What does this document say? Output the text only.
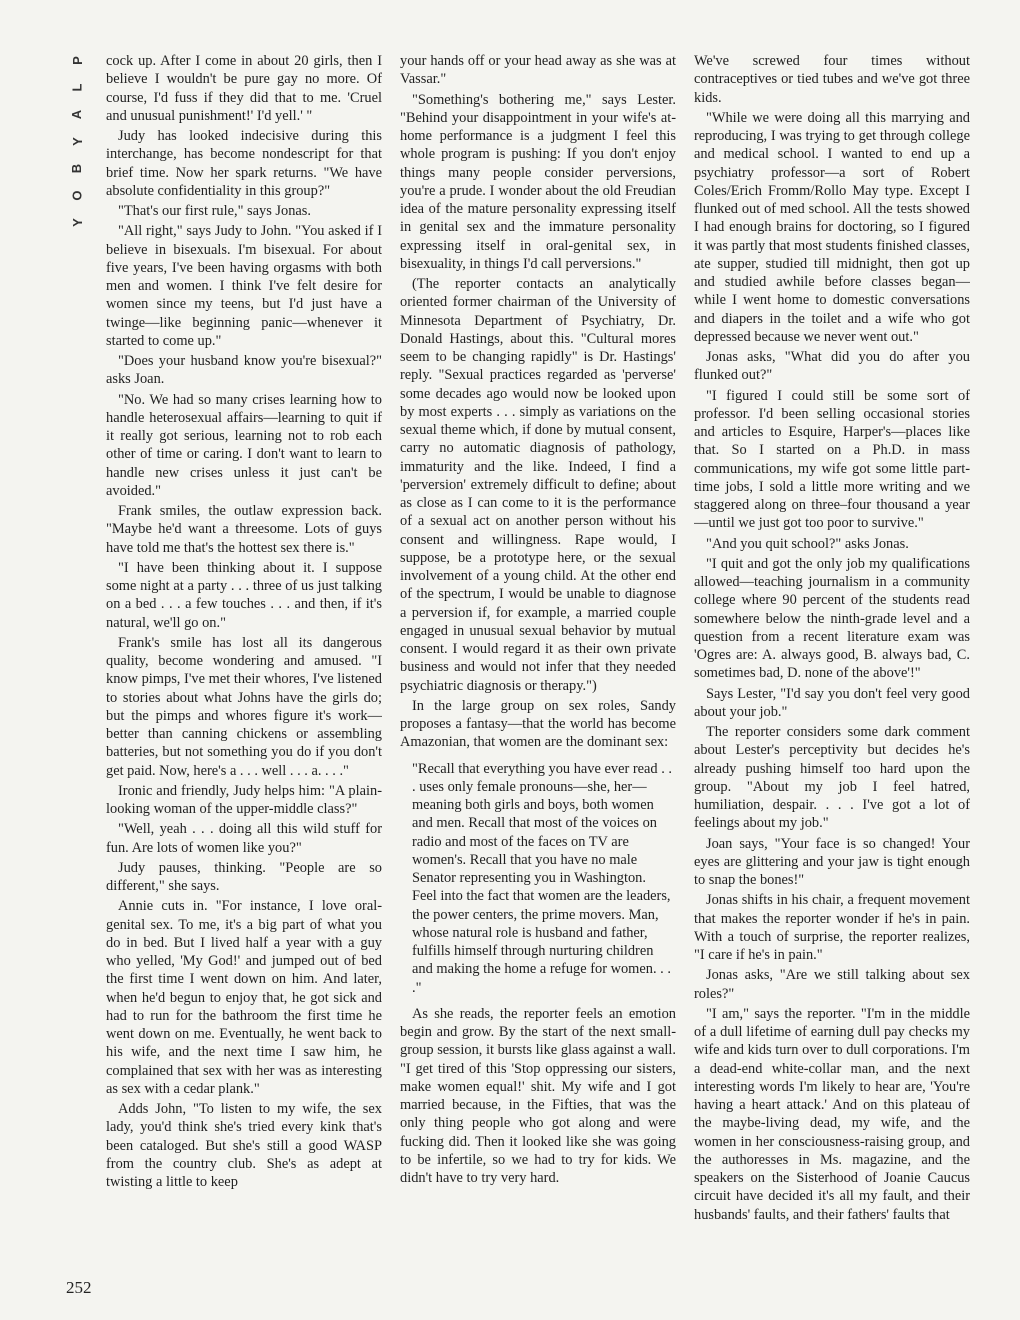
P
L
A
Y
B
O
Y
252

cock up. After I come in about 20 girls, then I believe I wouldn't be pure gay no more. Of course, I'd fuss if they did that to me. 'Cruel and unusual punishment!' I'd yell.' "

Judy has looked indecisive during this interchange, has become nondescript for that brief time. Now her spark returns. "We have absolute confidentiality in this group?"

"That's our first rule," says Jonas.

"All right," says Judy to John. "You asked if I believe in bisexuals. I'm bisexual. For about five years, I've been having orgasms with both men and women. I think I've felt desire for women since my teens, but I'd just have a twinge—like beginning panic—whenever it started to come up."

"Does your husband know you're bisexual?" asks Joan.

"No. We had so many crises learning how to handle heterosexual affairs—learning to quit if it really got serious, learning not to rob each other of time or caring. I don't want to learn to handle new crises unless it just can't be avoided."

Frank smiles, the outlaw expression back. "Maybe he'd want a threesome. Lots of guys have told me that's the hottest sex there is."

"I have been thinking about it. I suppose some night at a party . . . three of us just talking on a bed . . . a few touches . . . and then, if it's natural, we'll go on."

Frank's smile has lost all its dangerous quality, become wondering and amused. "I know pimps, I've met their whores, I've listened to stories about what Johns have the girls do; but the pimps and whores figure it's work—better than canning chickens or assembling batteries, but not something you do if you don't get paid. Now, here's a . . . well . . . a. . . ."

Ironic and friendly, Judy helps him: "A plain-looking woman of the upper-middle class?"

"Well, yeah . . . doing all this wild stuff for fun. Are lots of women like you?"

Judy pauses, thinking. "People are so different," she says.

Annie cuts in. "For instance, I love oral-genital sex. To me, it's a big part of what you do in bed. But I lived half a year with a guy who yelled, 'My God!' and jumped out of bed the first time I went down on him. And later, when he'd begun to enjoy that, he got sick and had to run for the bathroom the first time he went down on me. Eventually, he went back to his wife, and the next time I saw him, he complained that sex with her was as interesting as sex with a cedar plank."

Adds John, "To listen to my wife, the sex lady, you'd think she's tried every kink that's been cataloged. But she's still a good WASP from the country club. She's as adept at twisting a little to keep

your hands off or your head away as she was at Vassar."

"Something's bothering me," says Lester. "Behind your disappointment in your wife's at-home performance is a judgment I feel this whole program is pushing: If you don't enjoy things many people consider perversions, you're a prude. I wonder about the old Freudian idea of the mature personality expressing itself in genital sex and the immature personality expressing itself in oral-genital sex, in bisexuality, in things I'd call perversions."

(The reporter contacts an analytically oriented former chairman of the University of Minnesota Department of Psychiatry, Dr. Donald Hastings, about this. "Cultural mores seem to be changing rapidly" is Dr. Hastings' reply. "Sexual practices regarded as 'perverse' some decades ago would now be looked upon by most experts . . . simply as variations on the sexual theme which, if done by mutual consent, carry no automatic diagnosis of pathology, immaturity and the like. Indeed, I find a 'perversion' extremely difficult to define; about as close as I can come to it is the performance of a sexual act on another person without his consent and willingness. Rape would, I suppose, be a prototype here, or the sexual involvement of a young child. At the other end of the spectrum, I would be unable to diagnose a perversion if, for example, a married couple engaged in unusual sexual behavior by mutual consent. I would regard it as their own private business and would not infer that they needed psychiatric diagnosis or therapy.")

In the large group on sex roles, Sandy proposes a fantasy—that the world has become Amazonian, that women are the dominant sex:

"Recall that everything you have ever read . . . uses only female pronouns—she, her—meaning both girls and boys, both women and men. Recall that most of the voices on radio and most of the faces on TV are women's. Recall that you have no male Senator representing you in Washington. Feel into the fact that women are the leaders, the power centers, the prime movers. Man, whose natural role is husband and father, fulfills himself through nurturing children and making the home a refuge for women. . . ."

As she reads, the reporter feels an emotion begin and grow. By the start of the next small-group session, it bursts like glass against a wall. "I get tired of this 'Stop oppressing our sisters, make women equal!' shit. My wife and I got married because, in the Fifties, that was the only thing people who got along and were fucking did. Then it looked like she was going to be infertile, so we had to try for kids. We didn't have to try very hard.

We've screwed four times without contraceptives or tied tubes and we've got three kids.

"While we were doing all this marrying and reproducing, I was trying to get through college and medical school. I wanted to end up a psychiatry professor—a sort of Robert Coles/Erich Fromm/Rollo May type. Except I flunked out of med school. All the tests showed I had enough brains for doctoring, so I figured it was partly that most students finished classes, ate supper, studied till midnight, then got up and studied awhile before classes began—while I went home to domestic conversations and diapers in the toilet and a wife who got depressed because we never went out."

Jonas asks, "What did you do after you flunked out?"

"I figured I could still be some sort of professor. I'd been selling occasional stories and articles to Esquire, Harper's—places like that. So I started on a Ph.D. in mass communications, my wife got some little part-time jobs, I sold a little more writing and we staggered along on three–four thousand a year—until we just got too poor to survive."

"And you quit school?" asks Jonas.

"I quit and got the only job my qualifications allowed—teaching journalism in a community college where 90 percent of the students read somewhere below the ninth-grade level and a question from a recent literature exam was 'Ogres are: A. always good, B. always bad, C. sometimes bad, D. none of the above'!"

Says Lester, "I'd say you don't feel very good about your job."

The reporter considers some dark comment about Lester's perceptivity but decides he's already pushing himself too hard upon the group. "About my job I feel hatred, humiliation, despair. . . . I've got a lot of feelings about my job."

Joan says, "Your face is so changed! Your eyes are glittering and your jaw is tight enough to snap the bones!"

Jonas shifts in his chair, a frequent movement that makes the reporter wonder if he's in pain. With a touch of surprise, the reporter realizes, "I care if he's in pain."

Jonas asks, "Are we still talking about sex roles?"

"I am," says the reporter. "I'm in the middle of a dull lifetime of earning dull pay checks my wife and kids turn over to dull corporations. I'm a dead-end white-collar man, and the next interesting words I'm likely to hear are, 'You're having a heart attack.' And on this plateau of the maybe-living dead, my wife, and the women in her consciousness-raising group, and the authoresses in Ms. magazine, and the speakers on the Sisterhood of Joanie Caucus circuit have decided it's all my fault, and their husbands' faults, and their fathers' faults that
